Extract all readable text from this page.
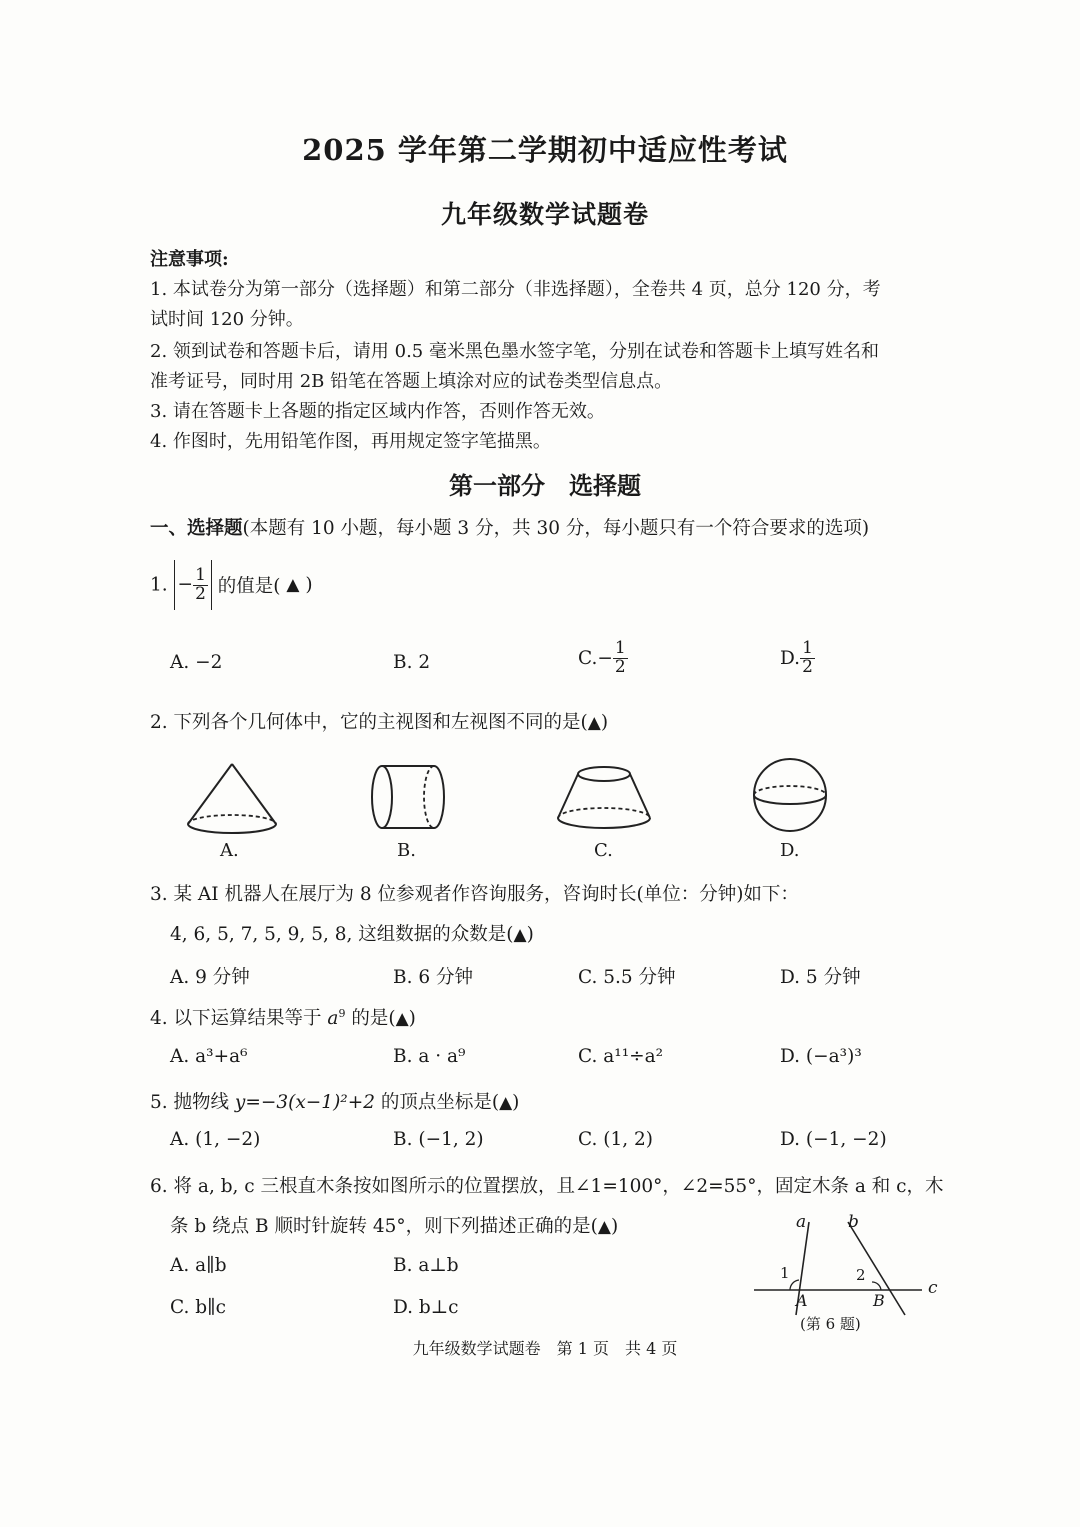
2025 学年第二学期初中适应性考试
九年级数学试题卷
注意事项:
1. 本试卷分为第一部分（选择题）和第二部分（非选择题），全卷共 4 页，总分 120 分，考
试时间 120 分钟。
2. 领到试卷和答题卡后，请用 0.5 毫米黑色墨水签字笔，分别在试卷和答题卡上填写姓名和
准考证号，同时用 2B 铅笔在答题上填涂对应的试卷类型信息点。
3. 请在答题卡上各题的指定区域内作答，否则作答无效。
4. 作图时，先用铅笔作图，再用规定签字笔描黑。
第一部分　选择题
一、选择题(本题有 10 小题，每小题 3 分，共 30 分，每小题只有一个符合要求的选项)
1. − $\frac{1}{2}$ 的值是( ▲ )
A. −2	B. 2	$C.- \frac{1}{2}$	D. $\frac{1}{2}$
2. 下列各个几何体中，它的主视图和左视图不同的是(▲)
A.	B.	C.	D.
3. 某 AI 机器人在展厅为 8 位参观者作咨询服务，咨询时长(单位：分钟)如下：
4, 6, 5, 7, 5, 9, 5, 8, 这组数据的众数是(▲)
A. 9 分钟	B. 6 分钟	C. 5.5 分钟	D. 5 分钟
4. 以下运算结果等于 $a^9$ 的是(▲)
A. a³+a⁶	B. a · a⁹	C. a¹¹÷a²	D. (−a³)³
5. 抛物线 y=−3(x−1)²+2 的顶点坐标是(▲)
A. (1, −2)	B. (−1, 2)	C. (1, 2)	D. (−1, −2)
6. 将 a, b, c 三根直木条按如图所示的位置摆放，且∠1=100°，∠2=55°，固定木条 a 和 c，木
条 b 绕点 B 顺时针旋转 45°，则下列描述正确的是(▲)
A. a∥b	B. a⊥b
C. b∥c	D. b⊥c
a b
c
1	2
A	B
(第 6 题)
九年级数学试题卷　第 1 页　共 4 页
